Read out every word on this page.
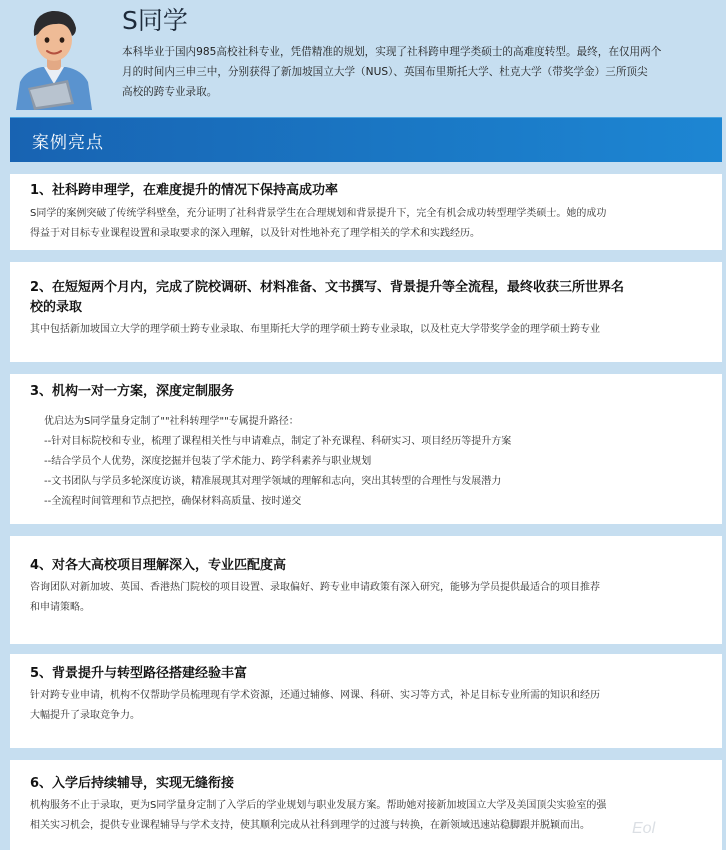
S同学
本科毕业于国内985高校社科专业，凭借精准的规划，实现了社科跨申理学类硕士的高难度转型。最终，在仅用两个
月的时间内三申三中，分别获得了新加坡国立大学（NUS）、英国布里斯托大学、杜克大学（带奖学金）三所顶尖
高校的跨专业录取。
案例亮点
1、社科跨申理学，在难度提升的情况下保持高成功率
S同学的案例突破了传统学科壁垒，充分证明了社科背景学生在合理规划和背景提升下，完全有机会成功转型理学类硕士。她的成功
得益于对目标专业课程设置和录取要求的深入理解，以及针对性地补充了理学相关的学术和实践经历。
2、在短短两个月内，完成了院校调研、材料准备、文书撰写、背景提升等全流程，最终收获三所世界名
校的录取
其中包括新加坡国立大学的理学硕士跨专业录取、布里斯托大学的理学硕士跨专业录取，以及杜克大学带奖学金的理学硕士跨专业
3、机构一对一方案，深度定制服务
优启达为S同学量身定制了""社科转理学""专属提升路径：
--针对目标院校和专业，梳理了课程相关性与申请难点，制定了补充课程、科研实习、项目经历等提升方案
--结合学员个人优势，深度挖掘并包装了学术能力、跨学科素养与职业规划
--文书团队与学员多轮深度访谈，精准展现其对理学领域的理解和志向，突出其转型的合理性与发展潜力
--全流程时间管理和节点把控，确保材料高质量、按时递交
4、对各大高校项目理解深入，专业匹配度高
咨询团队对新加坡、英国、香港热门院校的项目设置、录取偏好、跨专业申请政策有深入研究，能够为学员提供最适合的项目推荐
和申请策略。
5、背景提升与转型路径搭建经验丰富
针对跨专业申请，机构不仅帮助学员梳理现有学术资源，还通过辅修、网课、科研、实习等方式，补足目标专业所需的知识和经历
大幅提升了录取竞争力。
6、入学后持续辅导，实现无缝衔接
机构服务不止于录取，更为S同学量身定制了入学后的学业规划与职业发展方案。帮助她对接新加坡国立大学及美国顶尖实验室的强
相关实习机会，提供专业课程辅导与学术支持，使其顺利完成从社科到理学的过渡与转换，在新领域迅速站稳脚跟并脱颖而出。	Eol
